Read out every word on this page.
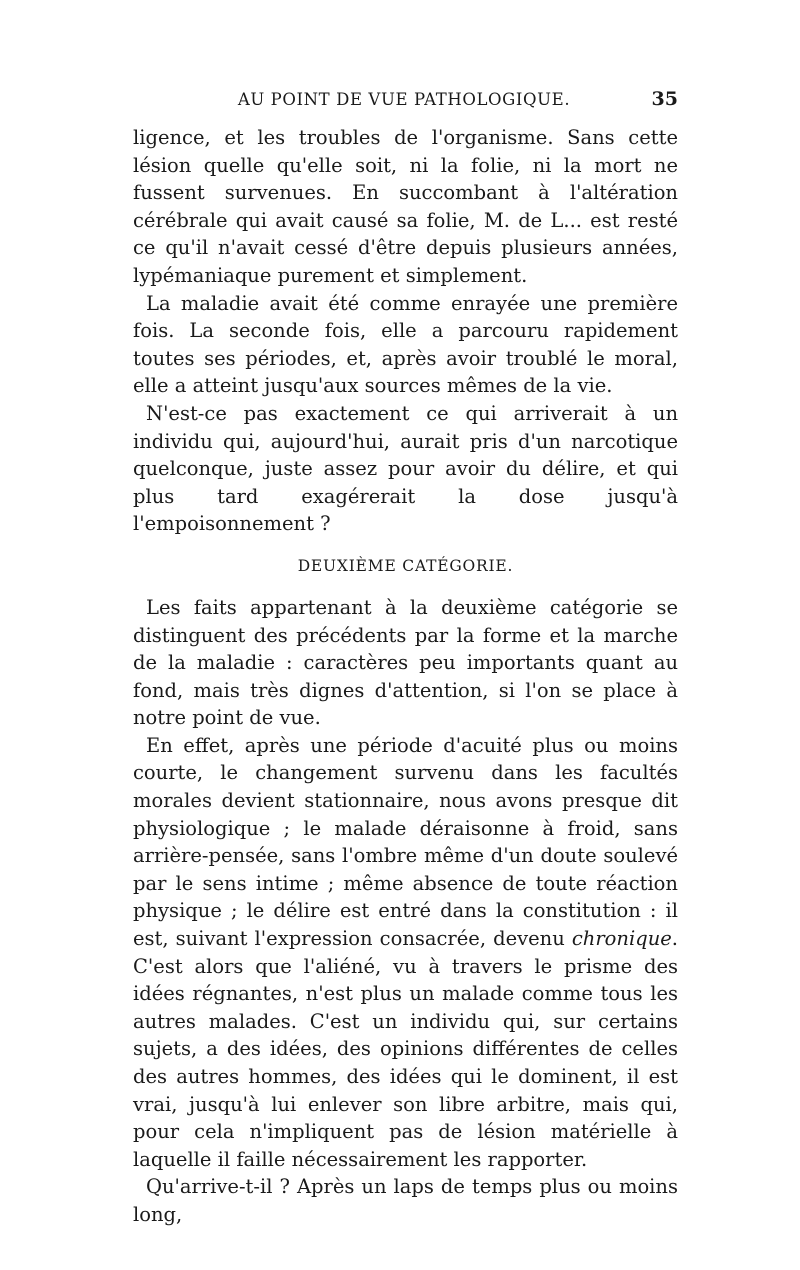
AU POINT DE VUE PATHOLOGIQUE.	35

ligence, et les troubles de l'organisme. Sans cette lésion quelle qu'elle soit, ni la folie, ni la mort ne fussent survenues. En succombant à l'altération cérébrale qui avait causé sa folie, M. de L... est resté ce qu'il n'avait cessé d'être depuis plusieurs années, lypémaniaque purement et simplement.

La maladie avait été comme enrayée une première fois. La seconde fois, elle a parcouru rapidement toutes ses périodes, et, après avoir troublé le moral, elle a atteint jusqu'aux sources mêmes de la vie.

N'est-ce pas exactement ce qui arriverait à un individu qui, aujourd'hui, aurait pris d'un narcotique quelconque, juste assez pour avoir du délire, et qui plus tard exagérerait la dose jusqu'à l'empoisonnement ?

DEUXIÈME CATÉGORIE.

Les faits appartenant à la deuxième catégorie se distinguent des précédents par la forme et la marche de la maladie : caractères peu importants quant au fond, mais très dignes d'attention, si l'on se place à notre point de vue.

En effet, après une période d'acuité plus ou moins courte, le changement survenu dans les facultés morales devient stationnaire, nous avons presque dit physiologique ; le malade déraisonne à froid, sans arrière-pensée, sans l'ombre même d'un doute soulevé par le sens intime ; même absence de toute réaction physique ; le délire est entré dans la constitution : il est, suivant l'expression consacrée, devenu chronique. C'est alors que l'aliéné, vu à travers le prisme des idées régnantes, n'est plus un malade comme tous les autres malades. C'est un individu qui, sur certains sujets, a des idées, des opinions différentes de celles des autres hommes, des idées qui le dominent, il est vrai, jusqu'à lui enlever son libre arbitre, mais qui, pour cela n'impliquent pas de lésion matérielle à laquelle il faille nécessairement les rapporter.

Qu'arrive-t-il ? Après un laps de temps plus ou moins long,
